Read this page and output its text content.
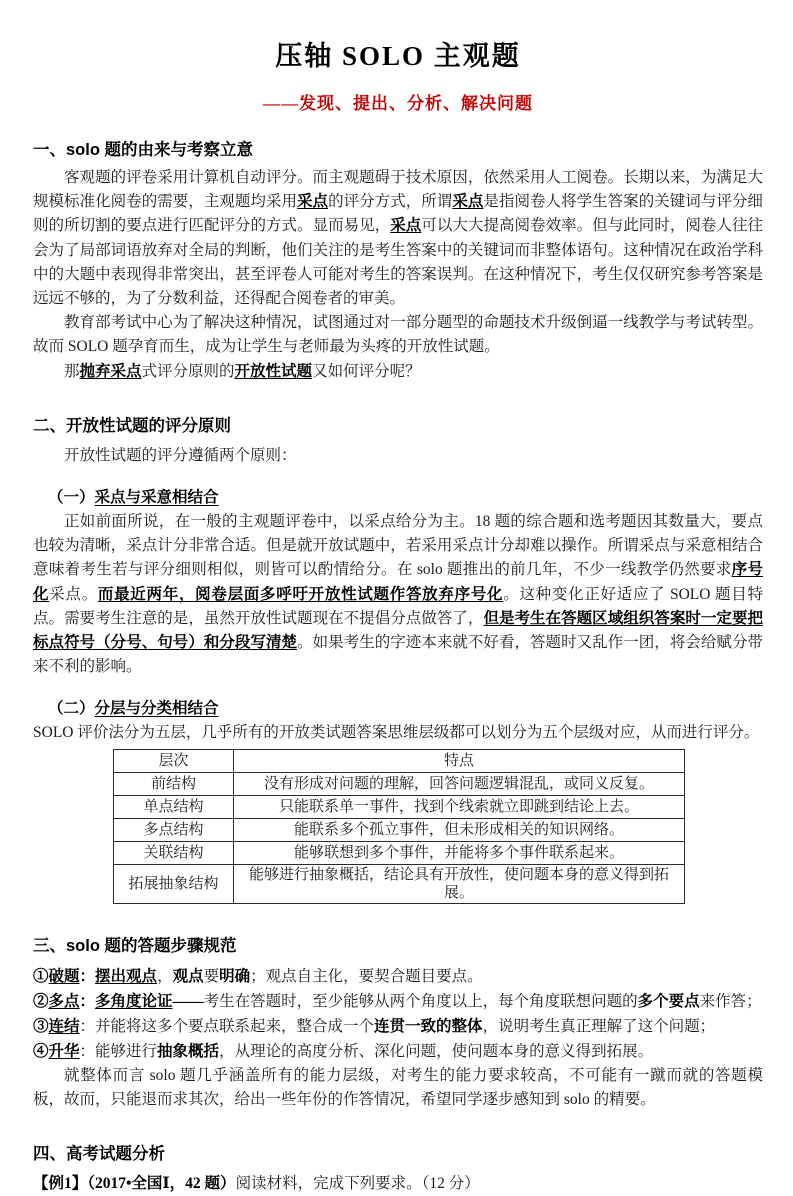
压轴 SOLO 主观题
——发现、提出、分析、解决问题
一、solo 题的由来与考察立意

客观题的评卷采用计算机自动评分。而主观题碍于技术原因，依然采用人工阅卷。长期以来，为满足大规模标准化阅卷的需要，主观题均采用采点的评分方式，所谓采点是指阅卷人将学生答案的关键词与评分细则的所切割的要点进行匹配评分的方式。显而易见，采点可以大大提高阅卷效率。但与此同时，阅卷人往往会为了局部词语放弃对全局的判断，他们关注的是考生答案中的关键词而非整体语句。这种情况在政治学科中的大题中表现得非常突出，甚至评卷人可能对考生的答案误判。在这种情况下，考生仅仅研究参考答案是远远不够的，为了分数利益，还得配合阅卷者的审美。

教育部考试中心为了解决这种情况，试图通过对一部分题型的命题技术升级倒逼一线教学与考试转型。故而 SOLO 题孕育而生，成为让学生与老师最为头疼的开放性试题。

那抛弃采点式评分原则的开放性试题又如何评分呢？

二、开放性试题的评分原则

开放性试题的评分遵循两个原则：

（一）采点与采意相结合

正如前面所说，在一般的主观题评卷中，以采点给分为主。18 题的综合题和选考题因其数量大，要点也较为清晰，采点计分非常合适。但是就开放试题中，若采用采点计分却难以操作。所谓采点与采意相结合意味着考生若与评分细则相似，则皆可以酌情给分。在 solo 题推出的前几年，不少一线教学仍然要求序号化采点。而最近两年，阅卷层面多呼吁开放性试题作答放弃序号化。这种变化正好适应了 SOLO 题目特点。需要考生注意的是，虽然开放性试题现在不提倡分点做答了，但是考生在答题区域组织答案时一定要把标点符号（分号、句号）和分段写清楚。如果考生的字迹本来就不好看，答题时又乱作一团，将会给赋分带来不利的影响。

（二）分层与分类相结合

SOLO 评价法分为五层，几乎所有的开放类试题答案思维层级都可以划分为五个层级对应，从而进行评分。

层次	特点
前结构	没有形成对问题的理解，回答问题逻辑混乱，或同义反复。
单点结构	只能联系单一事件，找到个线索就立即跳到结论上去。
多点结构	能联系多个孤立事件，但未形成相关的知识网络。
关联结构	能够联想到多个事件，并能将多个事件联系起来。
拓展抽象结构	能够进行抽象概括，结论具有开放性，使问题本身的意义得到拓展。
三、solo 题的答题步骤规范

①破题：摆出观点，观点要明确；观点自主化，要契合题目要点。

②多点：多角度论证——考生在答题时，至少能够从两个角度以上，每个角度联想问题的多个要点来作答；

③连结：并能将这多个要点联系起来，整合成一个连贯一致的整体，说明考生真正理解了这个问题；

④升华：能够进行抽象概括，从理论的高度分析、深化问题，使问题本身的意义得到拓展。

就整体而言 solo 题几乎涵盖所有的能力层级，对考生的能力要求较高，不可能有一蹴而就的答题模板，故而，只能退而求其次，给出一些年份的作答情况，希望同学逐步感知到 solo 的精要。

四、高考试题分析

【例1】（2017•全国Ⅰ，42 题）阅读材料，完成下列要求。（12 分）
